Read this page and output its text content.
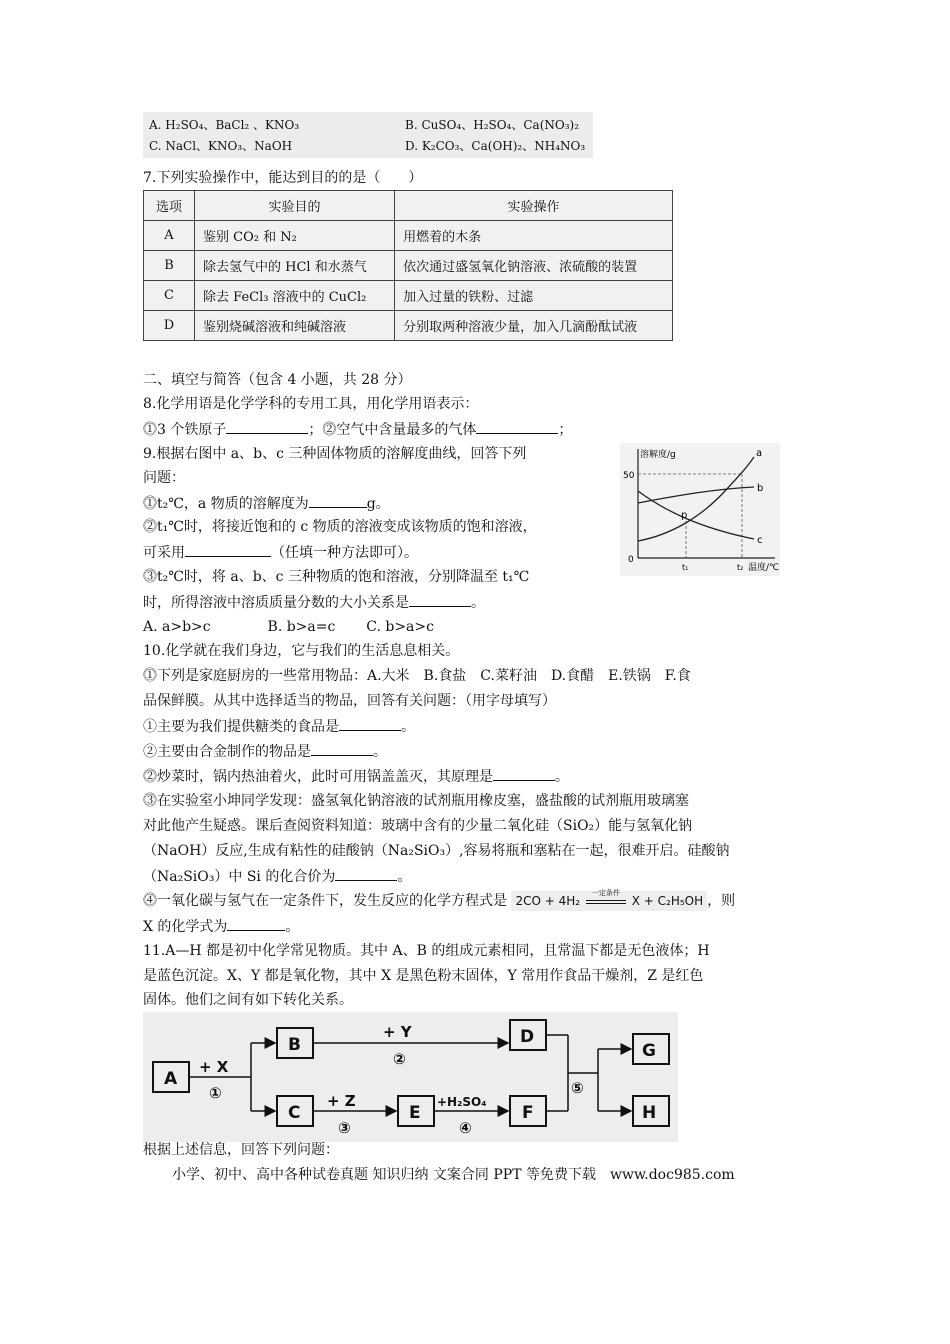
A. H₂SO₄、BaCl₂ 、KNO₃	B. CuSO₄、H₂SO₄、Ca(NO₃)₂
C. NaCl、KNO₃、NaOH	D. K₂CO₃、Ca(OH)₂、NH₄NO₃
7.下列实验操作中，能达到目的的是（　　）
选项	实验目的	实验操作
A	鉴别 CO₂ 和 N₂	用燃着的木条
B	除去氢气中的 HCl 和水蒸气	依次通过盛氢氧化钠溶液、浓硫酸的装置
C	除去 FeCl₃ 溶液中的 CuCl₂	加入过量的铁粉、过滤
D	鉴别烧碱溶液和纯碱溶液	分别取两种溶液少量，加入几滴酚酞试液
二、填空与简答（包含 4 小题，共 28 分）
8.化学用语是化学学科的专用工具，用化学用语表示：
⓵3 个铁原子	；⓶空气中含量最多的气体	；
9.根据右图中 a、b、c 三种固体物质的溶解度曲线，回答下列
问题：
⓵t₂℃，a 物质的溶解度为	g。
⓶t₁℃时，将接近饱和的 c 物质的溶液变成该物质的饱和溶液，
可采用	（任填一种方法即可）。
⓷t₂℃时，将 a、b、c 三种物质的饱和溶液，分别降温至 t₁℃
时，所得溶液中溶质质量分数的大小关系是	。
A. a>b>c	B. b>a=c C. b>a>c
溶解度/g
50
0
t₁	t₂ 温度/℃
a
b
c
p
10.化学就在我们身边，它与我们的生活息息相关。
⓵下列是家庭厨房的一些常用物品：A.大米　B.食盐　C.菜籽油　D.食醋　E.铁锅　F.食
品保鲜膜。从其中选择适当的物品，回答有关问题：（用字母填写）
①主要为我们提供糖类的食品是	。
②主要由合金制作的物品是	。
⓶炒菜时，锅内热油着火，此时可用锅盖盖灭，其原理是	。
⓷在实验室小坤同学发现：盛氢氧化钠溶液的试剂瓶用橡皮塞，盛盐酸的试剂瓶用玻璃塞
对此他产生疑惑。课后查阅资料知道：玻璃中含有的少量二氧化硅（SiO₂）能与氢氧化钠
（NaOH）反应,生成有粘性的硅酸钠（Na₂SiO₃）,容易将瓶和塞粘在一起，很难开启。硅酸钠
（Na₂SiO₃）中 Si 的化合价为	。
⓸一氧化碳与氢气在一定条件下，发生反应的化学方程式是 2CO + 4H₂
一定条件
X + C₂H₅OH ，则
X 的化学式为	。
11.A—H 都是初中化学常见物质。其中 A、B 的组成元素相同，且常温下都是无色液体；H
是蓝色沉淀。X、Y 都是氧化物，其中 X 是黑色粉末固体，Y 常用作食品干燥剂，Z 是红色
固体。他们之间有如下转化关系。
A
B
C	E
D
F
G
H
+ X
①
+ Y
②
+ Z
③
+H₂SO₄
④
⑤
根据上述信息，回答下列问题：
小学、初中、高中各种试卷真题 知识归纳 文案合同 PPT 等免费下载　www.doc985.com
